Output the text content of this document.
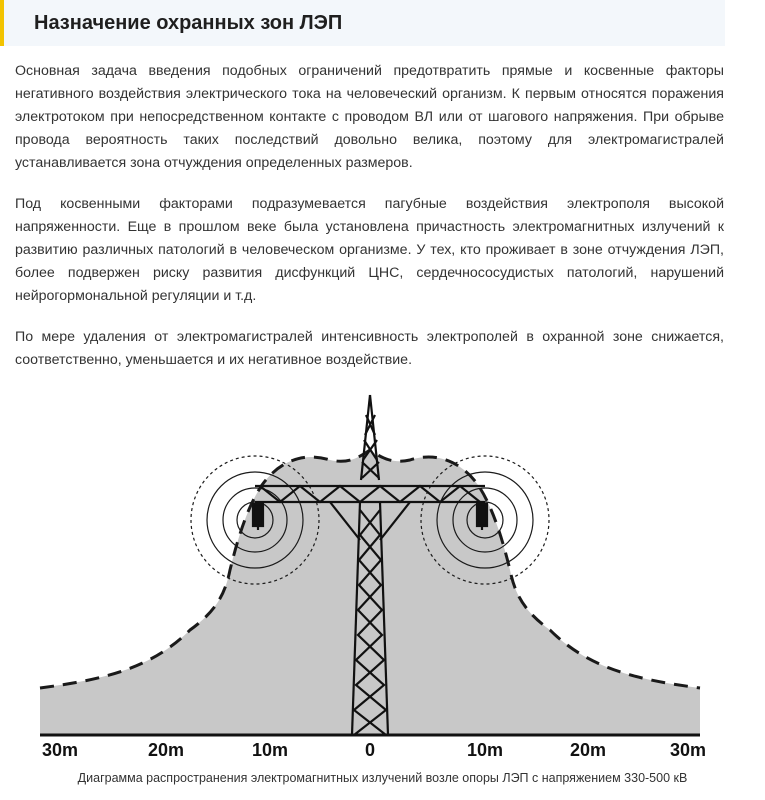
Назначение охранных зон ЛЭП

Основная задача введения подобных ограничений предотвратить прямые и косвенные факторы негативного воздействия электрического тока на человеческий организм. К первым относятся поражения электротоком при непосредственном контакте с проводом ВЛ или от шагового напряжения. При обрыве провода вероятность таких последствий довольно велика, поэтому для электромагистралей устанавливается зона отчуждения определенных размеров.

Под косвенными факторами подразумевается пагубные воздействия электрополя высокой напряженности. Еще в прошлом веке была установлена причастность электромагнитных излучений к развитию различных патологий в человеческом организме. У тех, кто проживает в зоне отчуждения ЛЭП, более подвержен риску развития дисфункций ЦНС, сердечнососудистых патологий, нарушений нейрогормональной регуляции и т.д.

По мере удаления от электромагистралей интенсивность электрополей в охранной зоне снижается, соответственно, уменьшается и их негативное воздействие.

30m	20m	10m	0	10m	20m	30m

Диаграмма распространения электромагнитных излучений возле опоры ЛЭП с напряжением 330-500 кВ
